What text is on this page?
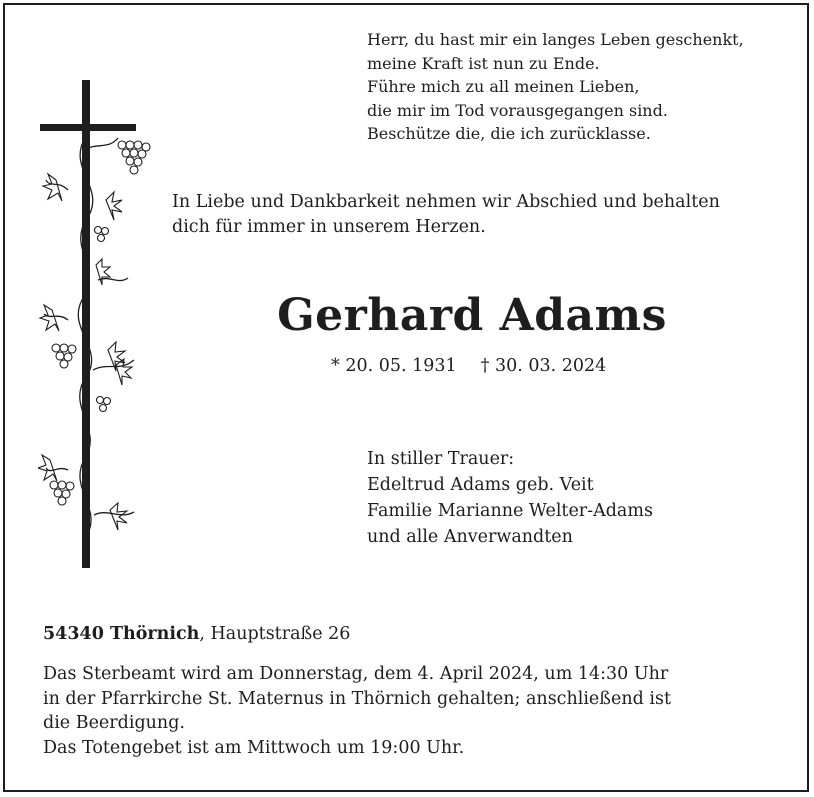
Herr, du hast mir ein langes Leben geschenkt,
meine Kraft ist nun zu Ende.
Führe mich zu all meinen Lieben,
die mir im Tod vorausgegangen sind.
Beschütze die, die ich zurücklasse.
In Liebe und Dankbarkeit nehmen wir Abschied und behalten
dich für immer in unserem Herzen.
Gerhard Adams
* 20. 05. 1931 † 30. 03. 2024
In stiller Trauer:
Edeltrud Adams geb. Veit
Familie Marianne Welter-Adams
und alle Anverwandten
54340 Thörnich, Hauptstraße 26
Das Sterbeamt wird am Donnerstag, dem 4. April 2024, um 14:30 Uhr
in der Pfarrkirche St. Maternus in Thörnich gehalten; anschließend ist
die Beerdigung.
Das Totengebet ist am Mittwoch um 19:00 Uhr.
